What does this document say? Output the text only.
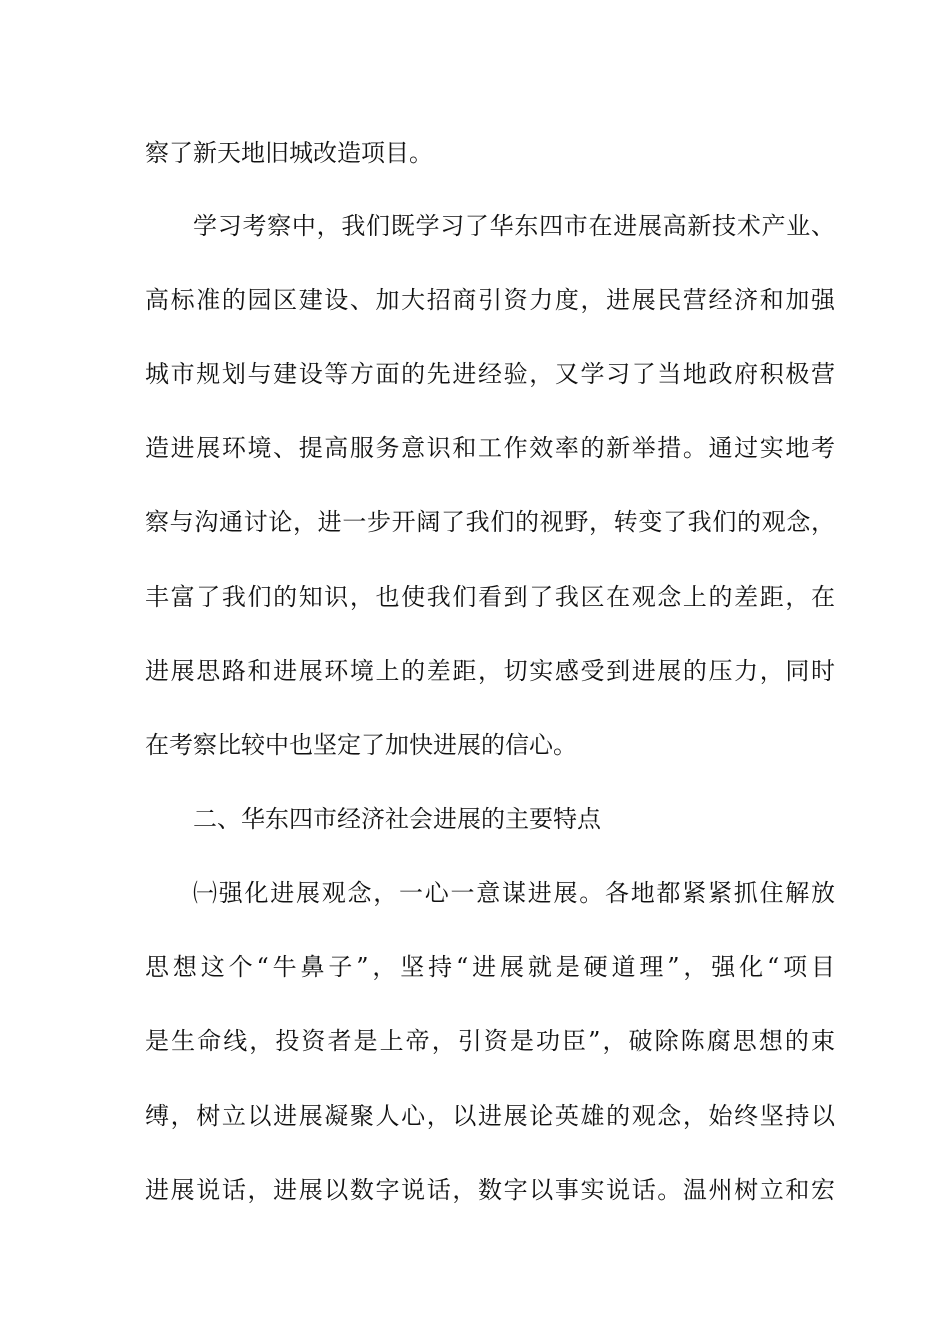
察了新天地旧城改造项目。
学习考察中，我们既学习了华东四市在进展高新技术产业、
高标准的园区建设、加大招商引资力度，进展民营经济和加强
城市规划与建设等方面的先进经验，又学习了当地政府积极营
造进展环境、提高服务意识和工作效率的新举措。通过实地考
察与沟通讨论，进一步开阔了我们的视野，转变了我们的观念，
丰富了我们的知识，也使我们看到了我区在观念上的差距，在
进展思路和进展环境上的差距，切实感受到进展的压力，同时
在考察比较中也坚定了加快进展的信心。
二、华东四市经济社会进展的主要特点
㈠强化进展观念，一心一意谋进展。各地都紧紧抓住解放
思想这个“牛鼻子”，坚持“进展就是硬道理”，强化“项目
是生命线，投资者是上帝，引资是功臣”，破除陈腐思想的束
缚，树立以进展凝聚人心，以进展论英雄的观念，始终坚持以
进展说话，进展以数字说话，数字以事实说话。温州树立和宏
